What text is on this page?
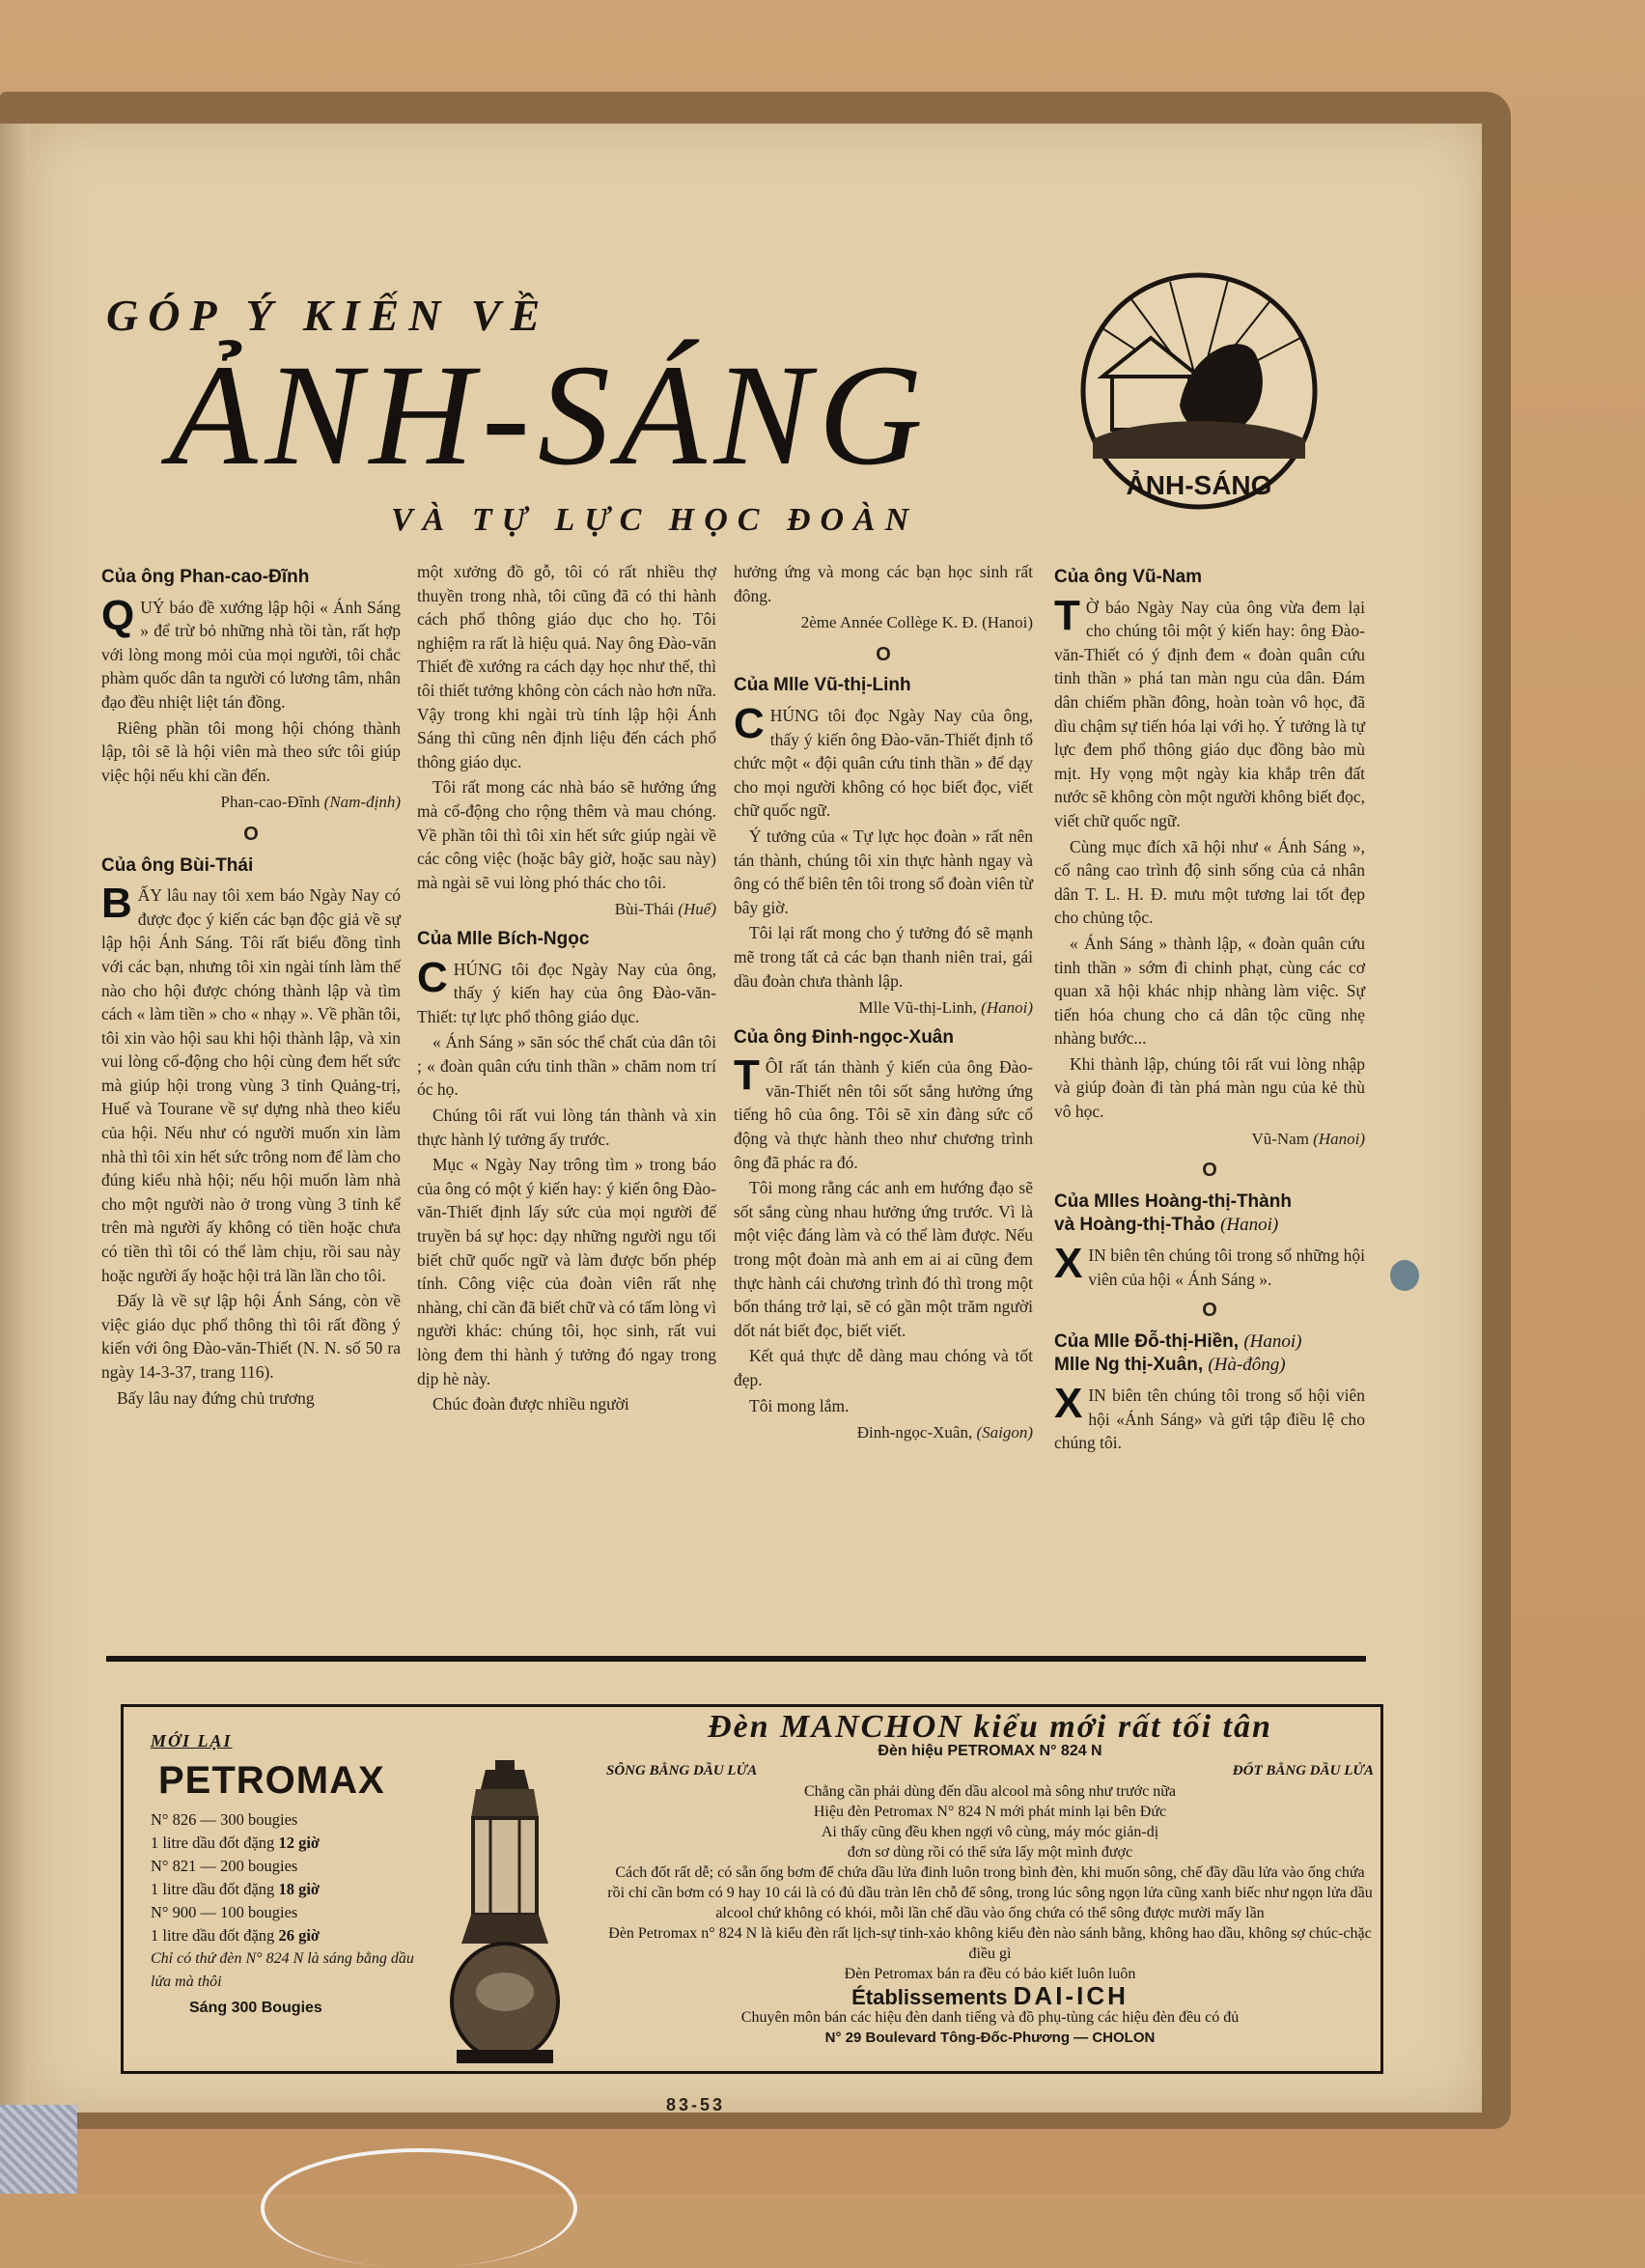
GÓP Ý KIẾN VỀ
ẢNH-SÁNG
VÀ TỰ LỰC HỌC ĐOÀN
ẢNH-SÁNG
Của ông Phan-cao-Đĩnh

QUÝ báo đề xướng lập hội « Ánh Sáng » để trừ bỏ những nhà tồi tàn, rất hợp với lòng mong mỏi của mọi người, tôi chắc phàm quốc dân ta người có lương tâm, nhân đạo đều nhiệt liệt tán đồng.

Riêng phần tôi mong hội chóng thành lập, tôi sẽ là hội viên mà theo sức tôi giúp việc hội nếu khi cần đến.

Phan-cao-Đĩnh (Nam-định)
O
Của ông Bùi-Thái

BẤY lâu nay tôi xem báo Ngày Nay có được đọc ý kiến các bạn độc giả về sự lập hội Ánh Sáng. Tôi rất biểu đồng tình với các bạn, nhưng tôi xin ngài tính làm thế nào cho hội được chóng thành lập và tìm cách « làm tiền » cho « nhạy ». Về phần tôi, tôi xin vào hội sau khi hội thành lập, và xin vui lòng cổ-động cho hội cùng đem hết sức mà giúp hội trong vùng 3 tỉnh Quảng-trị, Huế và Tourane về sự dựng nhà theo kiểu của hội. Nếu như có người muốn xin làm nhà thì tôi xin hết sức trông nom để làm cho đúng kiểu nhà hội; nếu hội muốn làm nhà cho một người nào ở trong vùng 3 tỉnh kể trên mà người ấy không có tiền hoặc chưa có tiền thì tôi có thể làm chịu, rồi sau này hoặc người ấy hoặc hội trả lần lần cho tôi.

Đấy là về sự lập hội Ánh Sáng, còn về việc giáo dục phổ thông thì tôi rất đồng ý kiến với ông Đào-văn-Thiết (N. N. số 50 ra ngày 14-3-37, trang 116).

Bấy lâu nay đứng chủ trương

một xưởng đồ gỗ, tôi có rất nhiều thợ thuyền trong nhà, tôi cũng đã có thi hành cách phổ thông giáo dục cho họ. Tôi nghiệm ra rất là hiệu quả. Nay ông Đào-văn Thiết đề xướng ra cách dạy học như thế, thì tôi thiết tưởng không còn cách nào hơn nữa. Vậy trong khi ngài trù tính lập hội Ánh Sáng thì cũng nên định liệu đến cách phổ thông giáo dục.

Tôi rất mong các nhà báo sẽ hưởng ứng mà cổ-động cho rộng thêm và mau chóng. Về phần tôi thì tôi xin hết sức giúp ngài về các công việc (hoặc bây giờ, hoặc sau này) mà ngài sẽ vui lòng phó thác cho tôi.

Bùi-Thái (Huế)
Của Mlle Bích-Ngọc

CHÚNG tôi đọc Ngày Nay của ông, thấy ý kiến hay của ông Đào-văn-Thiết: tự lực phổ thông giáo dục.

« Ánh Sáng » săn sóc thể chất của dân tôi ; « đoàn quân cứu tinh thần » chăm nom trí óc họ.

Chúng tôi rất vui lòng tán thành và xin thực hành lý tưởng ấy trước.

Mục « Ngày Nay trông tìm » trong báo của ông có một ý kiến hay: ý kiến ông Đào-văn-Thiết định lấy sức của mọi người để truyền bá sự học: dạy những người ngu tối biết chữ quốc ngữ và làm được bốn phép tính. Công việc của đoàn viên rất nhẹ nhàng, chỉ cần đã biết chữ và có tấm lòng vì người khác: chúng tôi, học sinh, rất vui lòng đem thi hành ý tưởng đó ngay trong dịp hè này.

Chúc đoàn được nhiều người

hưởng ứng và mong các bạn học sinh rất đông.

2ème Année Collège K. Đ. (Hanoi)
O
Của Mlle Vũ-thị-Linh

CHÚNG tôi đọc Ngày Nay của ông, thấy ý kiến ông Đào-văn-Thiết định tổ chức một « đội quân cứu tinh thần » để dạy cho mọi người không có học biết đọc, viết chữ quốc ngữ.

Ý tưởng của « Tự lực học đoàn » rất nên tán thành, chúng tôi xin thực hành ngay và ông có thể biên tên tôi trong sổ đoàn viên từ bây giờ.

Tôi lại rất mong cho ý tưởng đó sẽ mạnh mẽ trong tất cả các bạn thanh niên trai, gái dầu đoàn chưa thành lập.

Mlle Vũ-thị-Linh, (Hanoi)
Của ông Đinh-ngọc-Xuân

TÔI rất tán thành ý kiến của ông Đào-văn-Thiết nên tôi sốt sắng hưởng ứng tiếng hô của ông. Tôi sẽ xin đàng sức cổ động và thực hành theo như chương trình ông đã phác ra đó.

Tôi mong rằng các anh em hướng đạo sẽ sốt sắng cùng nhau hưởng ứng trước. Vì là một việc đáng làm và có thể làm được. Nếu trong một đoàn mà anh em ai ai cũng đem thực hành cái chương trình đó thì trong một bốn tháng trở lại, sẽ có gần một trăm người dốt nát biết đọc, biết viết.

Kết quả thực dễ dàng mau chóng và tốt đẹp.

Tôi mong lắm.

Đinh-ngọc-Xuân, (Saigon)
Của ông Vũ-Nam

T Ờ báo Ngày Nay của ông vừa đem lại cho chúng tôi một ý kiến hay: ông Đào-văn-Thiết có ý định đem « đoàn quân cứu tinh thần » phá tan màn ngu của dân. Đám dân chiếm phần đông, hoàn toàn vô học, đã dìu chậm sự tiến hóa lại với họ. Ý tưởng là tự lực đem phổ thông giáo dục đồng bào mù mịt. Hy vọng một ngày kia khắp trên đất nước sẽ không còn một người không biết đọc, viết chữ quốc ngữ.

Cùng mục đích xã hội như « Ánh Sáng », cố nâng cao trình độ sinh sống của cả nhân dân T. L. H. Đ. mưu một tương lai tốt đẹp cho chủng tộc.

« Ánh Sáng » thành lập, « đoàn quân cứu tinh thần » sớm đi chinh phạt, cùng các cơ quan xã hội khác nhịp nhàng làm việc. Sự tiến hóa chung cho cả dân tộc cũng nhẹ nhàng bước...

Khi thành lập, chúng tôi rất vui lòng nhập và giúp đoàn đi tàn phá màn ngu của kẻ thù vô học.

Vũ-Nam (Hanoi)
O
Của Mlles Hoàng-thị-Thành
và Hoàng-thị-Thảo (Hanoi)

XIN biên tên chúng tôi trong sổ những hội viên của hội « Ánh Sáng ».

O
Của Mlle Đỗ-thị-Hiền, (Hanoi)
Mlle Ng thị-Xuân, (Hà-đông)

XIN biên tên chúng tôi trong sổ hội viên hội «Ánh Sáng» và gửi tập điều lệ cho chúng tôi.

MỚI LẠI
PETROMAX
N° 826 — 300 bougies
1 litre dầu đốt đặng 12 giờ
N° 821 — 200 bougies
1 litre dầu đốt đặng 18 giờ
N° 900 — 100 bougies
1 litre dầu đốt đặng 26 giờ
Chỉ có thứ đèn N° 824 N là sáng bằng dầu lửa mà thôi
Sáng 300 Bougies
Đèn MANCHON kiểu mới rất tối tân
Đèn hiệu PETROMAX N° 824 N
SÔNG BẰNG DẦU LỬA	ĐỐT BẰNG DẦU LỬA
Chẳng cần phải dùng đến dầu alcool mà sông như trước nữa
Hiệu đèn Petromax N° 824 N mới phát minh lại bên Đức
Ai thấy cũng đều khen ngợi vô cùng, máy móc giản-dị
đơn sơ dùng rồi có thể sửa lấy một mình được
Cách đốt rất dễ; có sẵn ống bơm để chứa dầu lửa đinh luôn trong bình đèn, khi muốn sông, chế đầy dầu lửa vào ống chứa rồi chỉ cần bơm có 9 hay 10 cái là có đủ dầu tràn lên chỗ để sông, trong lúc sông ngọn lửa cũng xanh biếc như ngọn lửa dầu alcool chứ không có khói, mỗi lần chế dầu vào ống chứa có thể sông được mười mấy lần
Đèn Petromax n° 824 N là kiểu đèn rất lịch-sự tinh-xảo không kiểu đèn nào sánh bằng, không hao dầu, không sợ chúc-chặc điều gì
Đèn Petromax bán ra đều có bảo kiết luôn luôn
Établissements DAI-ICH
Chuyên môn bán các hiệu đèn danh tiếng và đồ phụ-tùng các hiệu đèn đều có đủ
N° 29 Boulevard Tông-Đốc-Phương — CHOLON
83-53
